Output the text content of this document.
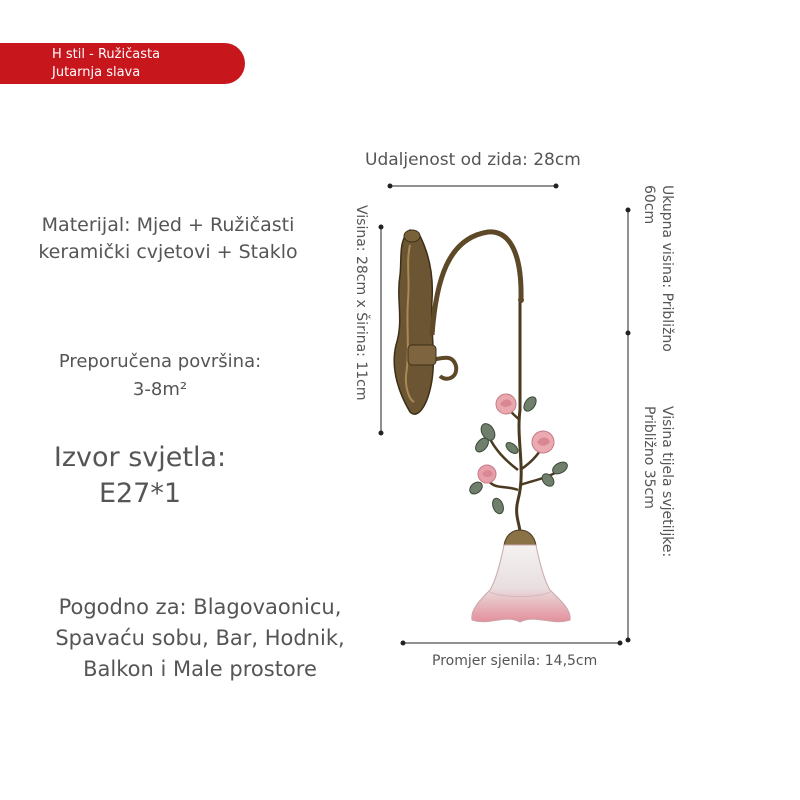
H stil - Ružičasta
Jutarnja slava
Materijal: Mjed + Ružičasti keramički cvjetovi + Staklo
Preporučena površina:
3-8m²
Izvor svjetla:
E27*1
Pogodno za: Blagovaonicu,
Spavaću sobu, Bar, Hodnik,
Balkon i Male prostore
Udaljenost od zida: 28cm
Promjer sjenila: 14,5cm
Visina: 28cm x Širina: 11cm	Ukupna visina: Približno
60cm
Visina tijela svjetiljke:
Približno 35cm
